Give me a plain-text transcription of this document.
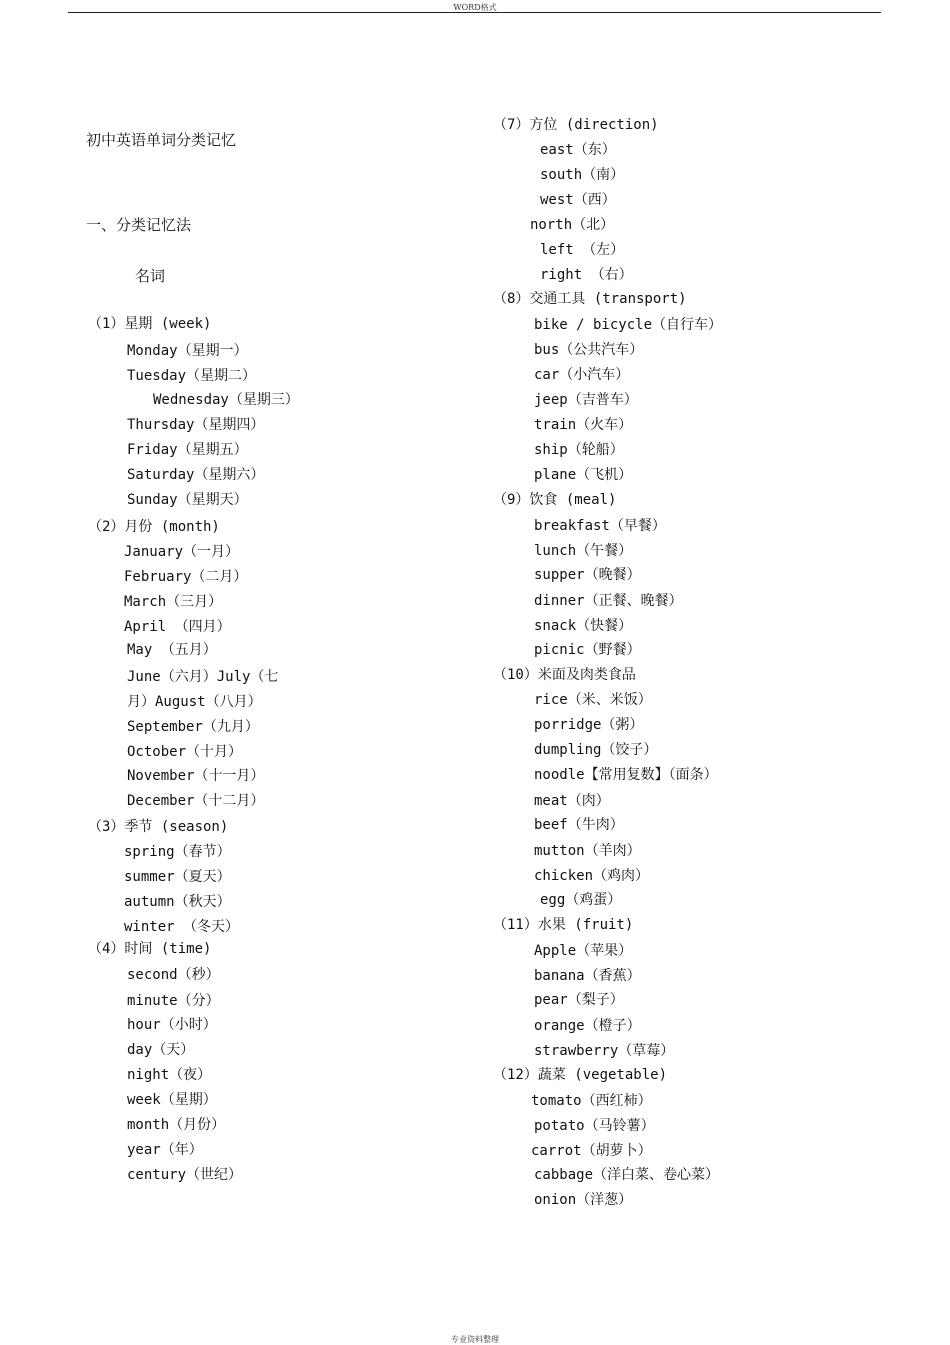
WORD格式
初中英语单词分类记忆
一、分类记忆法
名词
（1）星期 (week)
Monday（星期一）
Tuesday（星期二）
Wednesday（星期三）
Thursday（星期四）
Friday（星期五）
Saturday（星期六）
Sunday（星期天）
（2）月份 (month)
January（一月）
February（二月）
March（三月）
April （四月）
May （五月）
June（六月）July（七
月）August（八月）
September（九月）
October（十月）
November（十一月）
December（十二月）
（3）季节 (season)
spring（春节）
summer（夏天）
autumn（秋天）
winter （冬天）
（4）时间 (time)
second（秒）
minute（分）
hour（小时）
day（天）
night（夜）
week（星期）
month（月份）
year（年）
century（世纪）
（7）方位 (direction)
east（东）
south（南）
west（西）
north（北）
left （左）
right （右）
（8）交通工具 (transport)
bike / bicycle（自行车）
bus（公共汽车）
car（小汽车）
jeep（吉普车）
train（火车）
ship（轮船）
plane（飞机）
（9）饮食 (meal)
breakfast（早餐）
lunch（午餐）
supper（晚餐）
dinner（正餐、晚餐）
snack（快餐）
picnic（野餐）
（10）米面及肉类食品
rice（米、米饭）
porridge（粥）
dumpling（饺子）
noodle【常用复数】（面条）
meat（肉）
beef（牛肉）
mutton（羊肉）
chicken（鸡肉）
egg（鸡蛋）
（11）水果 (fruit)
Apple（苹果）
banana（香蕉）
pear（梨子）
orange（橙子）
strawberry（草莓）
（12）蔬菜 (vegetable)
tomato（西红柿）
potato（马铃薯）
carrot（胡萝卜）
cabbage（洋白菜、卷心菜）
onion（洋葱）
专业资料整理
